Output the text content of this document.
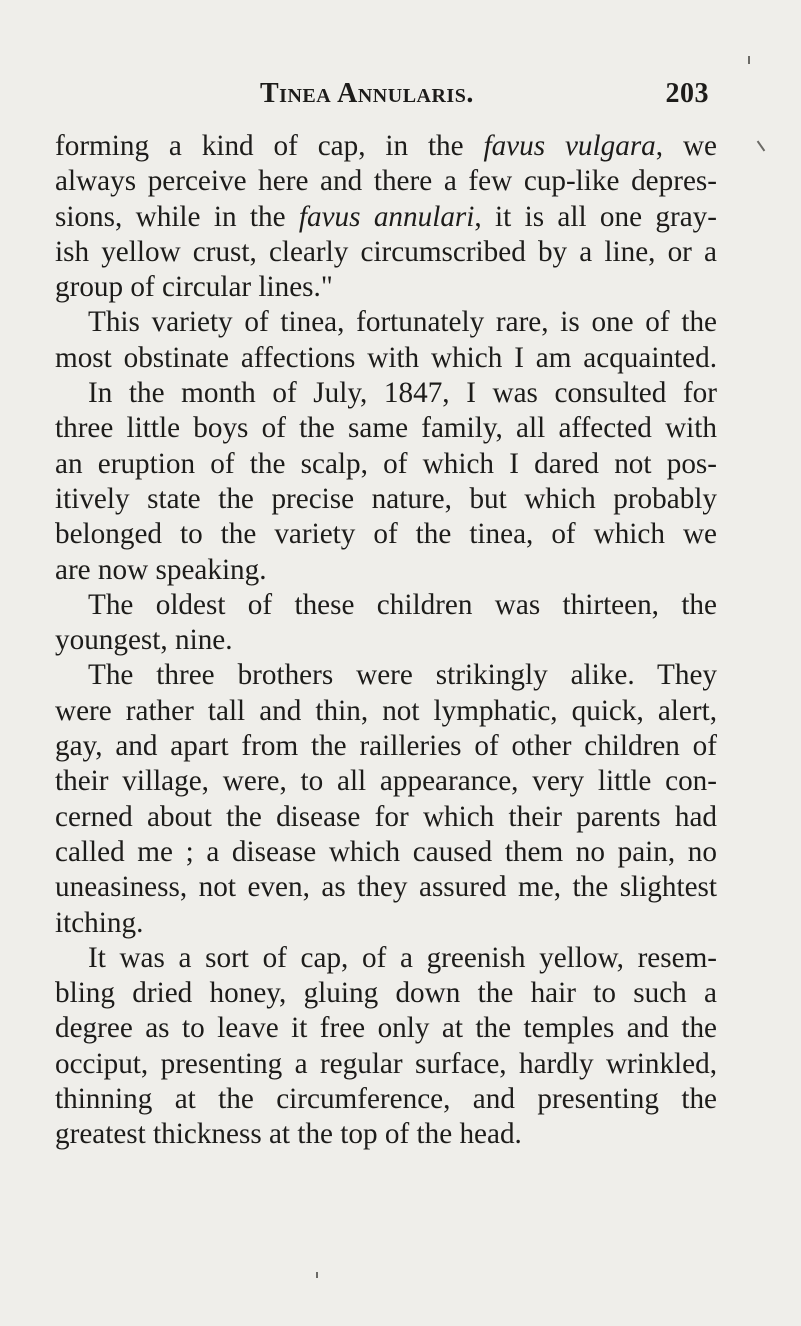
Tinea Annularis.	203
forming a kind of cap, in the favus vulgara, we
always perceive here and there a few cup-like depres-
sions, while in the favus annulari, it is all one gray-
ish yellow crust, clearly circumscribed by a line, or a
group of circular lines."
This variety of tinea, fortunately rare, is one of the
most obstinate affections with which I am acquainted.
In the month of July, 1847, I was consulted for
three little boys of the same family, all affected with
an eruption of the scalp, of which I dared not pos-
itively state the precise nature, but which probably
belonged to the variety of the tinea, of which we
are now speaking.
The oldest of these children was thirteen, the
youngest, nine.
The three brothers were strikingly alike. They
were rather tall and thin, not lymphatic, quick, alert,
gay, and apart from the railleries of other children of
their village, were, to all appearance, very little con-
cerned about the disease for which their parents had
called me ; a disease which caused them no pain, no
uneasiness, not even, as they assured me, the slightest
itching.
It was a sort of cap, of a greenish yellow, resem-
bling dried honey, gluing down the hair to such a
degree as to leave it free only at the temples and the
occiput, presenting a regular surface, hardly wrinkled,
thinning at the circumference, and presenting the
greatest thickness at the top of the head.
